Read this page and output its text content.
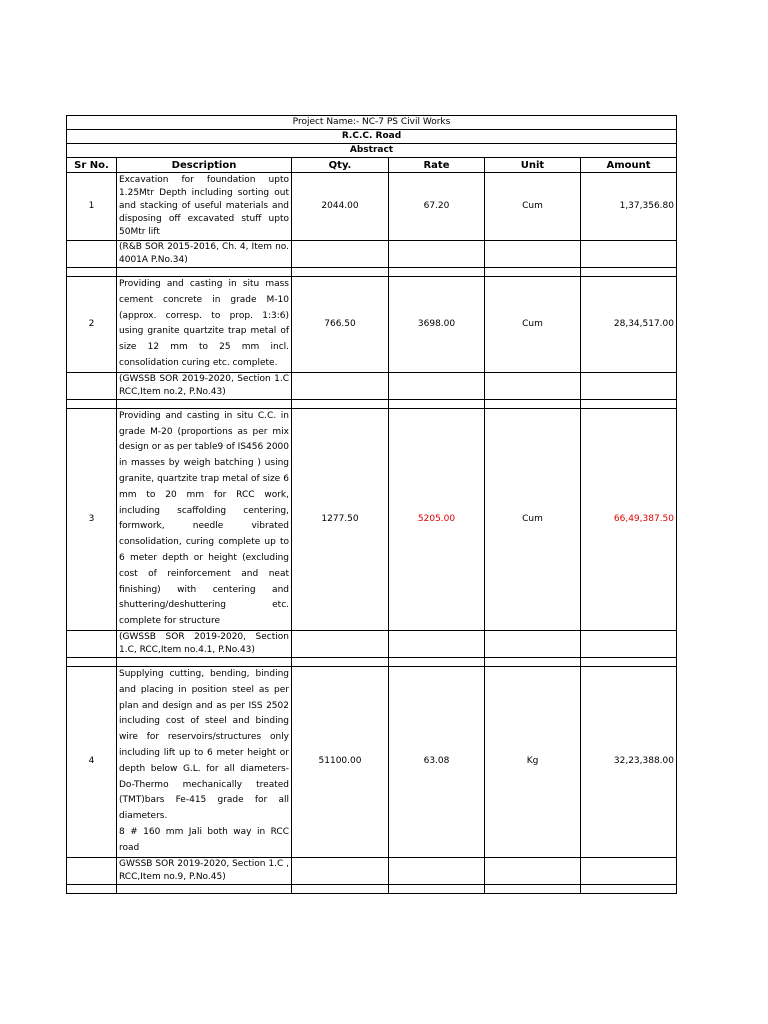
Project Name:- NC-7 PS Civil Works					
R.C.C. Road					
Abstract					
Sr No.	Description	Qty.	Rate	Unit	Amount
1	Excavation for foundation upto 1.25Mtr Depth including sorting out and stacking of useful materials and disposing off excavated stuff upto 50Mtr lift	2044.00	67.20	Cum	1,37,356.80
	(R&B SOR 2015-2016, Ch. 4, Item no. 4001A P.No.34)				

2	Providing and casting in situ mass cement concrete in grade M-10 (approx. corresp. to prop. 1:3:6) using granite quartzite trap metal of size 12 mm to 25 mm incl. consolidation curing etc. complete.	766.50	3698.00	Cum	28,34,517.00
	(GWSSB SOR 2019-2020, Section 1.C RCC,Item no.2, P.No.43)				

3	Providing and casting in situ C.C. in grade M-20 (proportions as per mix design or as per table9 of IS456 2000 in masses by weigh batching ) using granite, quartzite trap metal of size 6 mm to 20 mm for RCC work, including scaffolding centering, formwork, needle vibrated consolidation, curing complete up to 6 meter depth or height (excluding cost of reinforcement and neat finishing) with centering and shuttering/deshuttering etc. complete for structure	1277.50	5205.00	Cum	66,49,387.50
	(GWSSB SOR 2019-2020, Section 1.C, RCC,Item no.4.1, P.No.43)				

4	Supplying cutting, bending, binding and placing in position steel as per plan and design and as per ISS 2502 including cost of steel and binding wire for reservoirs/structures only including lift up to 6 meter height or depth below G.L. for all diameters-Do-Thermo mechanically treated (TMT)bars Fe-415 grade for all diameters.
8 # 160 mm Jali both way in RCC road	51100.00	63.08	Kg	32,23,388.00
	GWSSB SOR 2019-2020, Section 1.C , RCC,Item no.9, P.No.45)				
